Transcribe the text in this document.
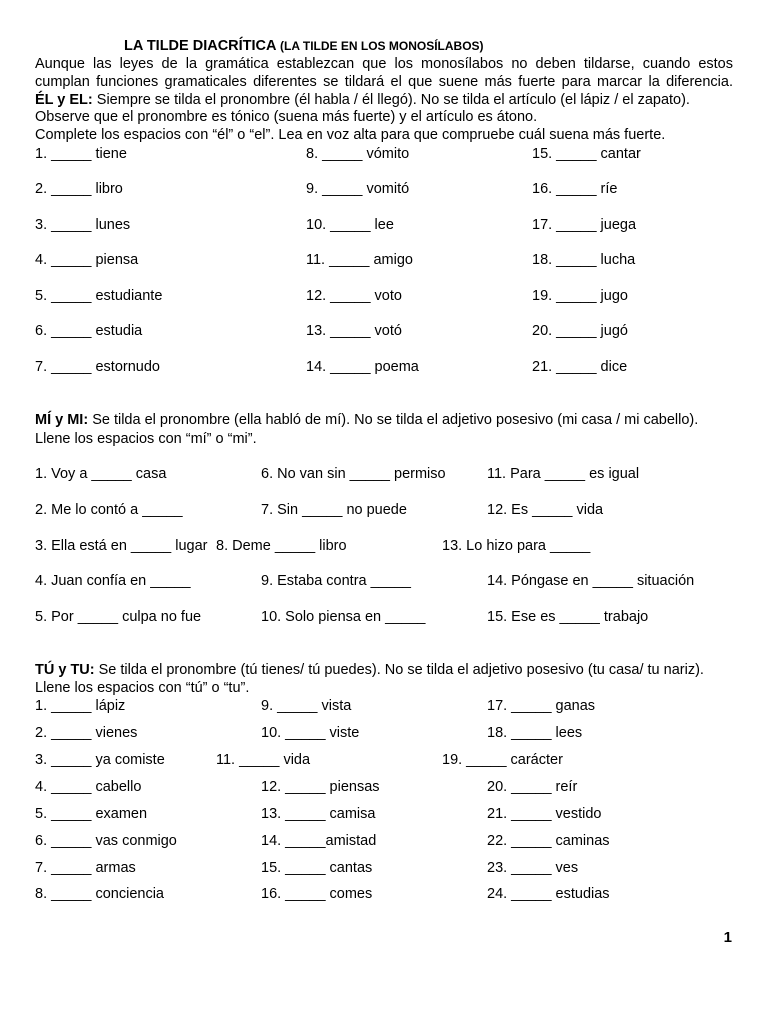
LA TILDE DIACRÍTICA (LA TILDE EN LOS MONOSÍLABOS)
Aunque las leyes de la gramática establezcan que los monosílabos no deben tildarse, cuando estos
cumplan funciones gramaticales diferentes se tildará el que suene más fuerte para marcar la diferencia.
ÉL y EL: Siempre se tilda el pronombre (él habla / él llegó). No se tilda el artículo (el lápiz / el zapato).
Observe que el pronombre es tónico (suena más fuerte) y el artículo es átono.
Complete los espacios con “él” o “el”. Lea en voz alta para que compruebe cuál suena más fuerte.
1. _____ tiene	8. _____ vómito	15. _____ cantar
2. _____ libro	9. _____ vomitó	16. _____ ríe
3. _____ lunes	10. _____ lee	17. _____ juega
4. _____ piensa	11. _____ amigo	18. _____ lucha
5. _____ estudiante	12. _____ voto	19. _____ jugo
6. _____ estudia	13. _____ votó	20. _____ jugó
7. _____ estornudo	14. _____ poema	21. _____ dice
MÍ y MI: Se tilda el pronombre (ella habló de mí). No se tilda el adjetivo posesivo (mi casa / mi cabello).
Llene los espacios con “mí” o “mi”.
1. Voy a _____ casa	6. No van sin _____ permiso	11. Para _____ es igual
2. Me lo contó a _____	7. Sin _____ no puede	12. Es _____ vida
3. Ella está en _____ lugar 8. Deme _____ libro	13. Lo hizo para _____
4. Juan confía en _____	9. Estaba contra _____	14. Póngase en _____ situación
5. Por _____ culpa no fue	10. Solo piensa en _____	15. Ese es _____ trabajo
TÚ y TU: Se tilda el pronombre (tú tienes/ tú puedes). No se tilda el adjetivo posesivo (tu casa/ tu nariz).
Llene los espacios con “tú” o “tu”.
1. _____ lápiz	9. _____ vista	17. _____ ganas
2. _____ vienes	10. _____ viste	18. _____ lees
3. _____ ya comiste	11. _____ vida	19. _____ carácter
4. _____ cabello	12. _____ piensas	20. _____ reír
5. _____ examen	13. _____ camisa	21. _____ vestido
6. _____ vas conmigo	14. _____amistad	22. _____ caminas
7. _____ armas	15. _____ cantas	23. _____ ves
8. _____ conciencia	16. _____ comes	24. _____ estudias
1
